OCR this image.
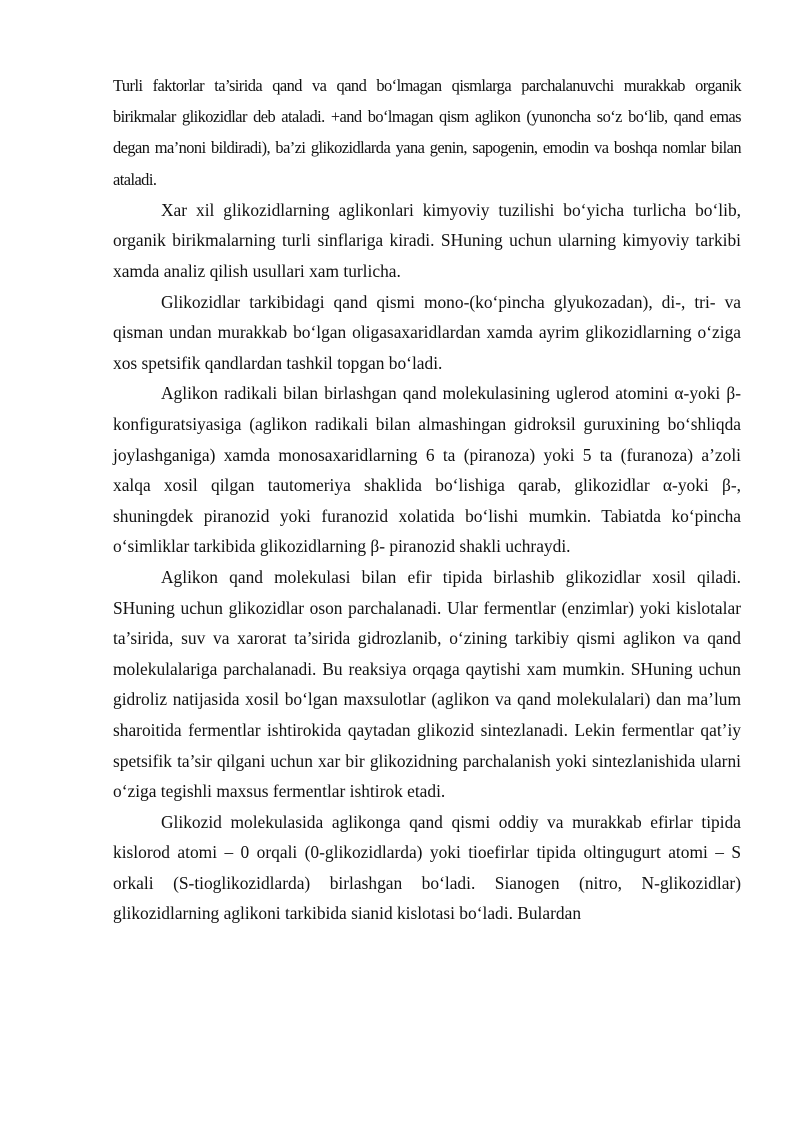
Turli faktorlar ta’sirida qand va qand bo‘lmagan qismlarga parchalanuvchi murakkab organik birikmalar glikozidlar deb ataladi. +and bo‘lmagan qism aglikon (yunoncha so‘z bo‘lib, qand emas degan ma’noni bildiradi), ba’zi glikozidlarda yana genin, sapogenin, emodin va boshqa nomlar bilan ataladi.

Xar xil glikozidlarning aglikonlari kimyoviy tuzilishi bo‘yicha turlicha bo‘lib, organik birikmalarning turli sinflariga kiradi. SHuning uchun ularning kimyoviy tarkibi xamda analiz qilish usullari xam turlicha.

Glikozidlar tarkibidagi qand qismi mono-(ko‘pincha glyukozadan), di-, tri- va qisman undan murakkab bo‘lgan oligasaxaridlardan xamda ayrim glikozidlarning o‘ziga xos spetsifik qandlardan tashkil topgan bo‘ladi.

Aglikon radikali bilan birlashgan qand molekulasining uglerod atomini α-yoki β-konfiguratsiyasiga (aglikon radikali bilan almashingan gidroksil guruxining bo‘shliqda joylashganiga) xamda monosaxaridlarning 6 ta (piranoza) yoki 5 ta (furanoza) a’zoli xalqa xosil qilgan tautomeriya shaklida bo‘lishiga qarab, glikozidlar α-yoki β-, shuningdek piranozid yoki furanozid xolatida bo‘lishi mumkin. Tabiatda ko‘pincha o‘simliklar tarkibida glikozidlarning β- piranozid shakli uchraydi.

Aglikon qand molekulasi bilan efir tipida birlashib glikozidlar xosil qiladi. SHuning uchun glikozidlar oson parchalanadi. Ular fermentlar (enzimlar) yoki kislotalar ta’sirida, suv va xarorat ta’sirida gidrozlanib, o‘zining tarkibiy qismi aglikon va qand molekulalariga parchalanadi. Bu reaksiya orqaga qaytishi xam mumkin. SHuning uchun gidroliz natijasida xosil bo‘lgan maxsulotlar (aglikon va qand molekulalari) dan ma’lum sharoitida fermentlar ishtirokida qaytadan glikozid sintezlanadi. Lekin fermentlar qat’iy spetsifik ta’sir qilgani uchun xar bir glikozidning parchalanish yoki sintezlanishida ularni o‘ziga tegishli maxsus fermentlar ishtirok etadi.

Glikozid molekulasida aglikonga qand qismi oddiy va murakkab efirlar tipida kislorod atomi – 0 orqali (0-glikozidlarda) yoki tioefirlar tipida oltingugurt atomi – S orkali (S-tioglikozidlarda) birlashgan bo‘ladi. Sianogen (nitro, N-glikozidlar) glikozidlarning aglikoni tarkibida sianid kislotasi bo‘ladi. Bulardan
